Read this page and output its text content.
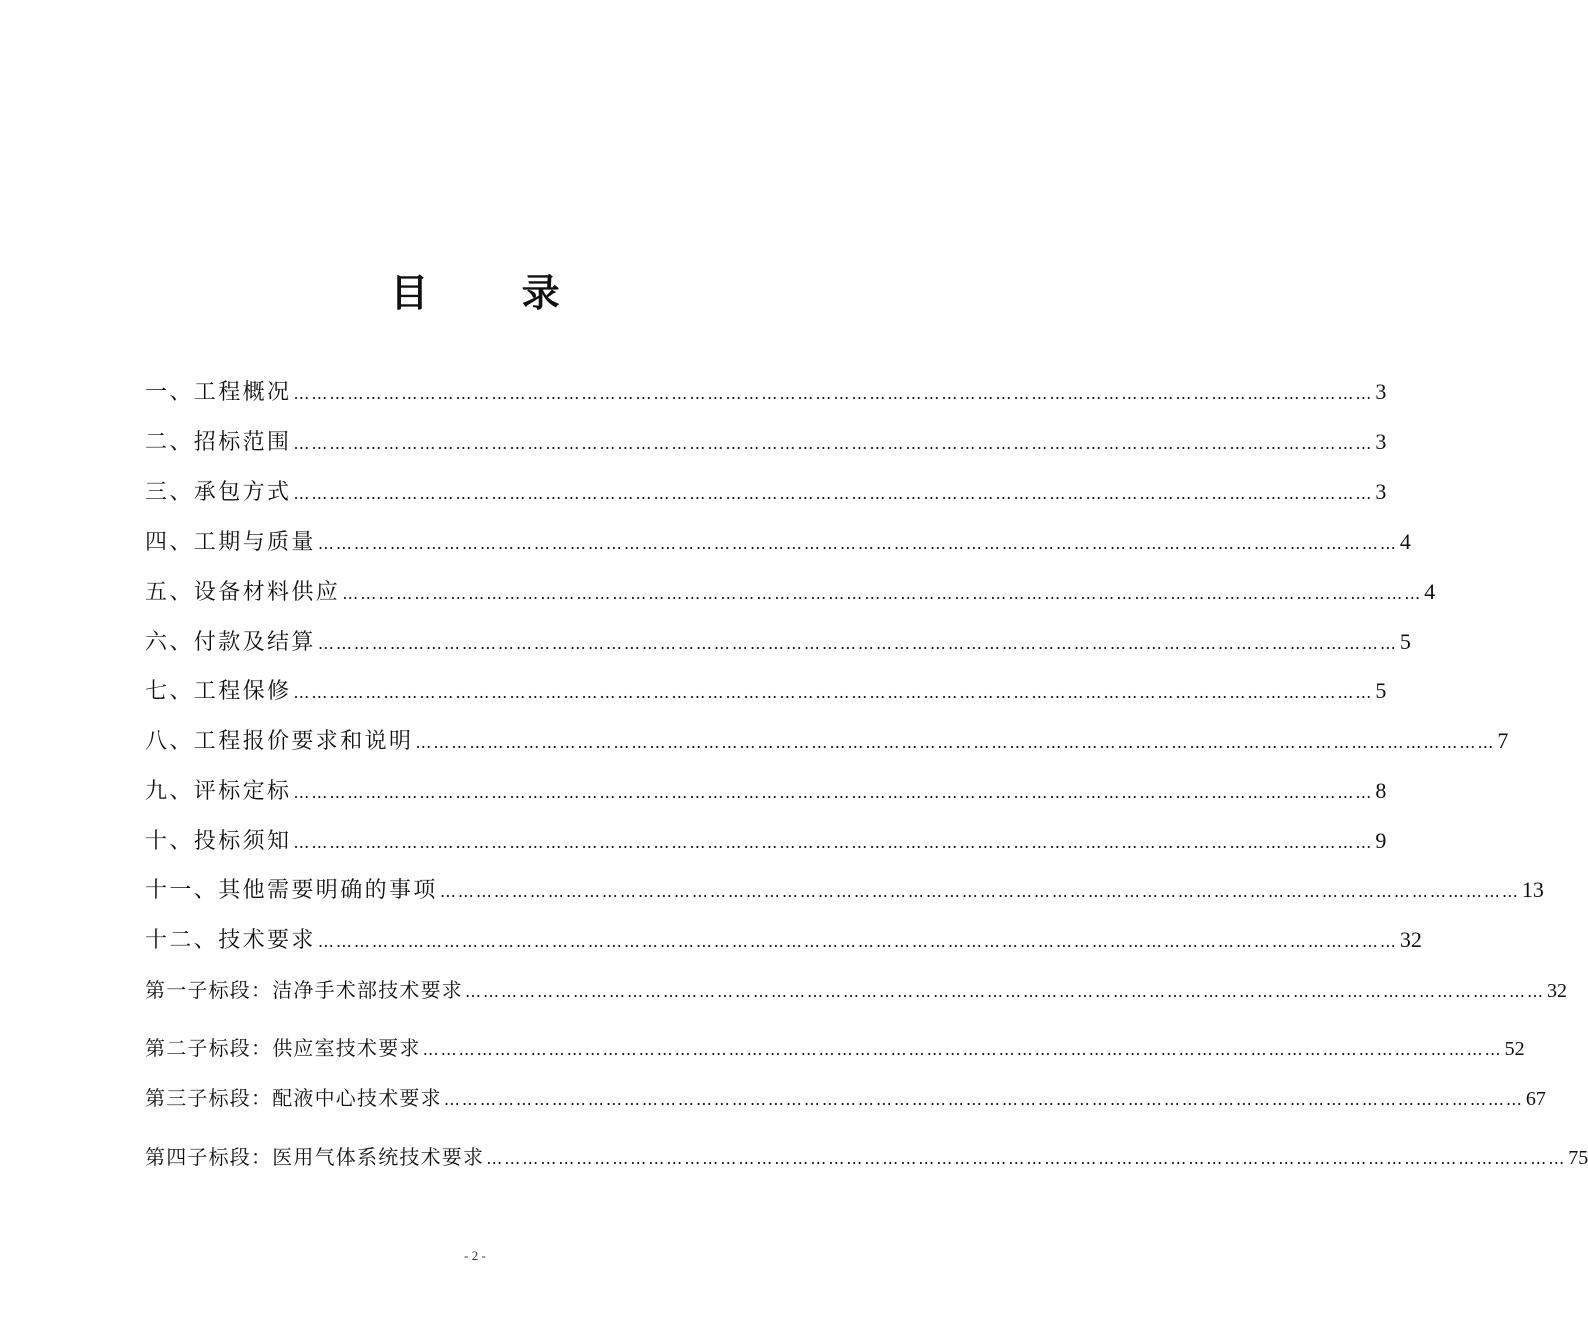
目 录
一、工程概况 ……………………………………………………………………………………………………………………………………………………………… 3
二、招标范围 ……………………………………………………………………………………………………………………………………………………………… 3
三、承包方式 ……………………………………………………………………………………………………………………………………………………………… 3
四、工期与质量 ……………………………………………………………………………………………………………………………………………………………… 4
五、设备材料供应 ……………………………………………………………………………………………………………………………………………………………… 4
六、付款及结算 ……………………………………………………………………………………………………………………………………………………………… 5
七、工程保修 ……………………………………………………………………………………………………………………………………………………………… 5
八、工程报价要求和说明 ……………………………………………………………………………………………………………………………………………………………… 7
九、评标定标 ……………………………………………………………………………………………………………………………………………………………… 8
十、投标须知 ……………………………………………………………………………………………………………………………………………………………… 9
十一、其他需要明确的事项 ……………………………………………………………………………………………………………………………………………………………… 13
十二、技术要求 ……………………………………………………………………………………………………………………………………………………………… 32
第一子标段：洁净手术部技术要求 ……………………………………………………………………………………………………………………………………………………………… 32
第二子标段：供应室技术要求 ……………………………………………………………………………………………………………………………………………………………… 52
第三子标段：配液中心技术要求 ……………………………………………………………………………………………………………………………………………………………… 67
第四子标段：医用气体系统技术要求 ……………………………………………………………………………………………………………………………………………………………… 75
- 2 -
